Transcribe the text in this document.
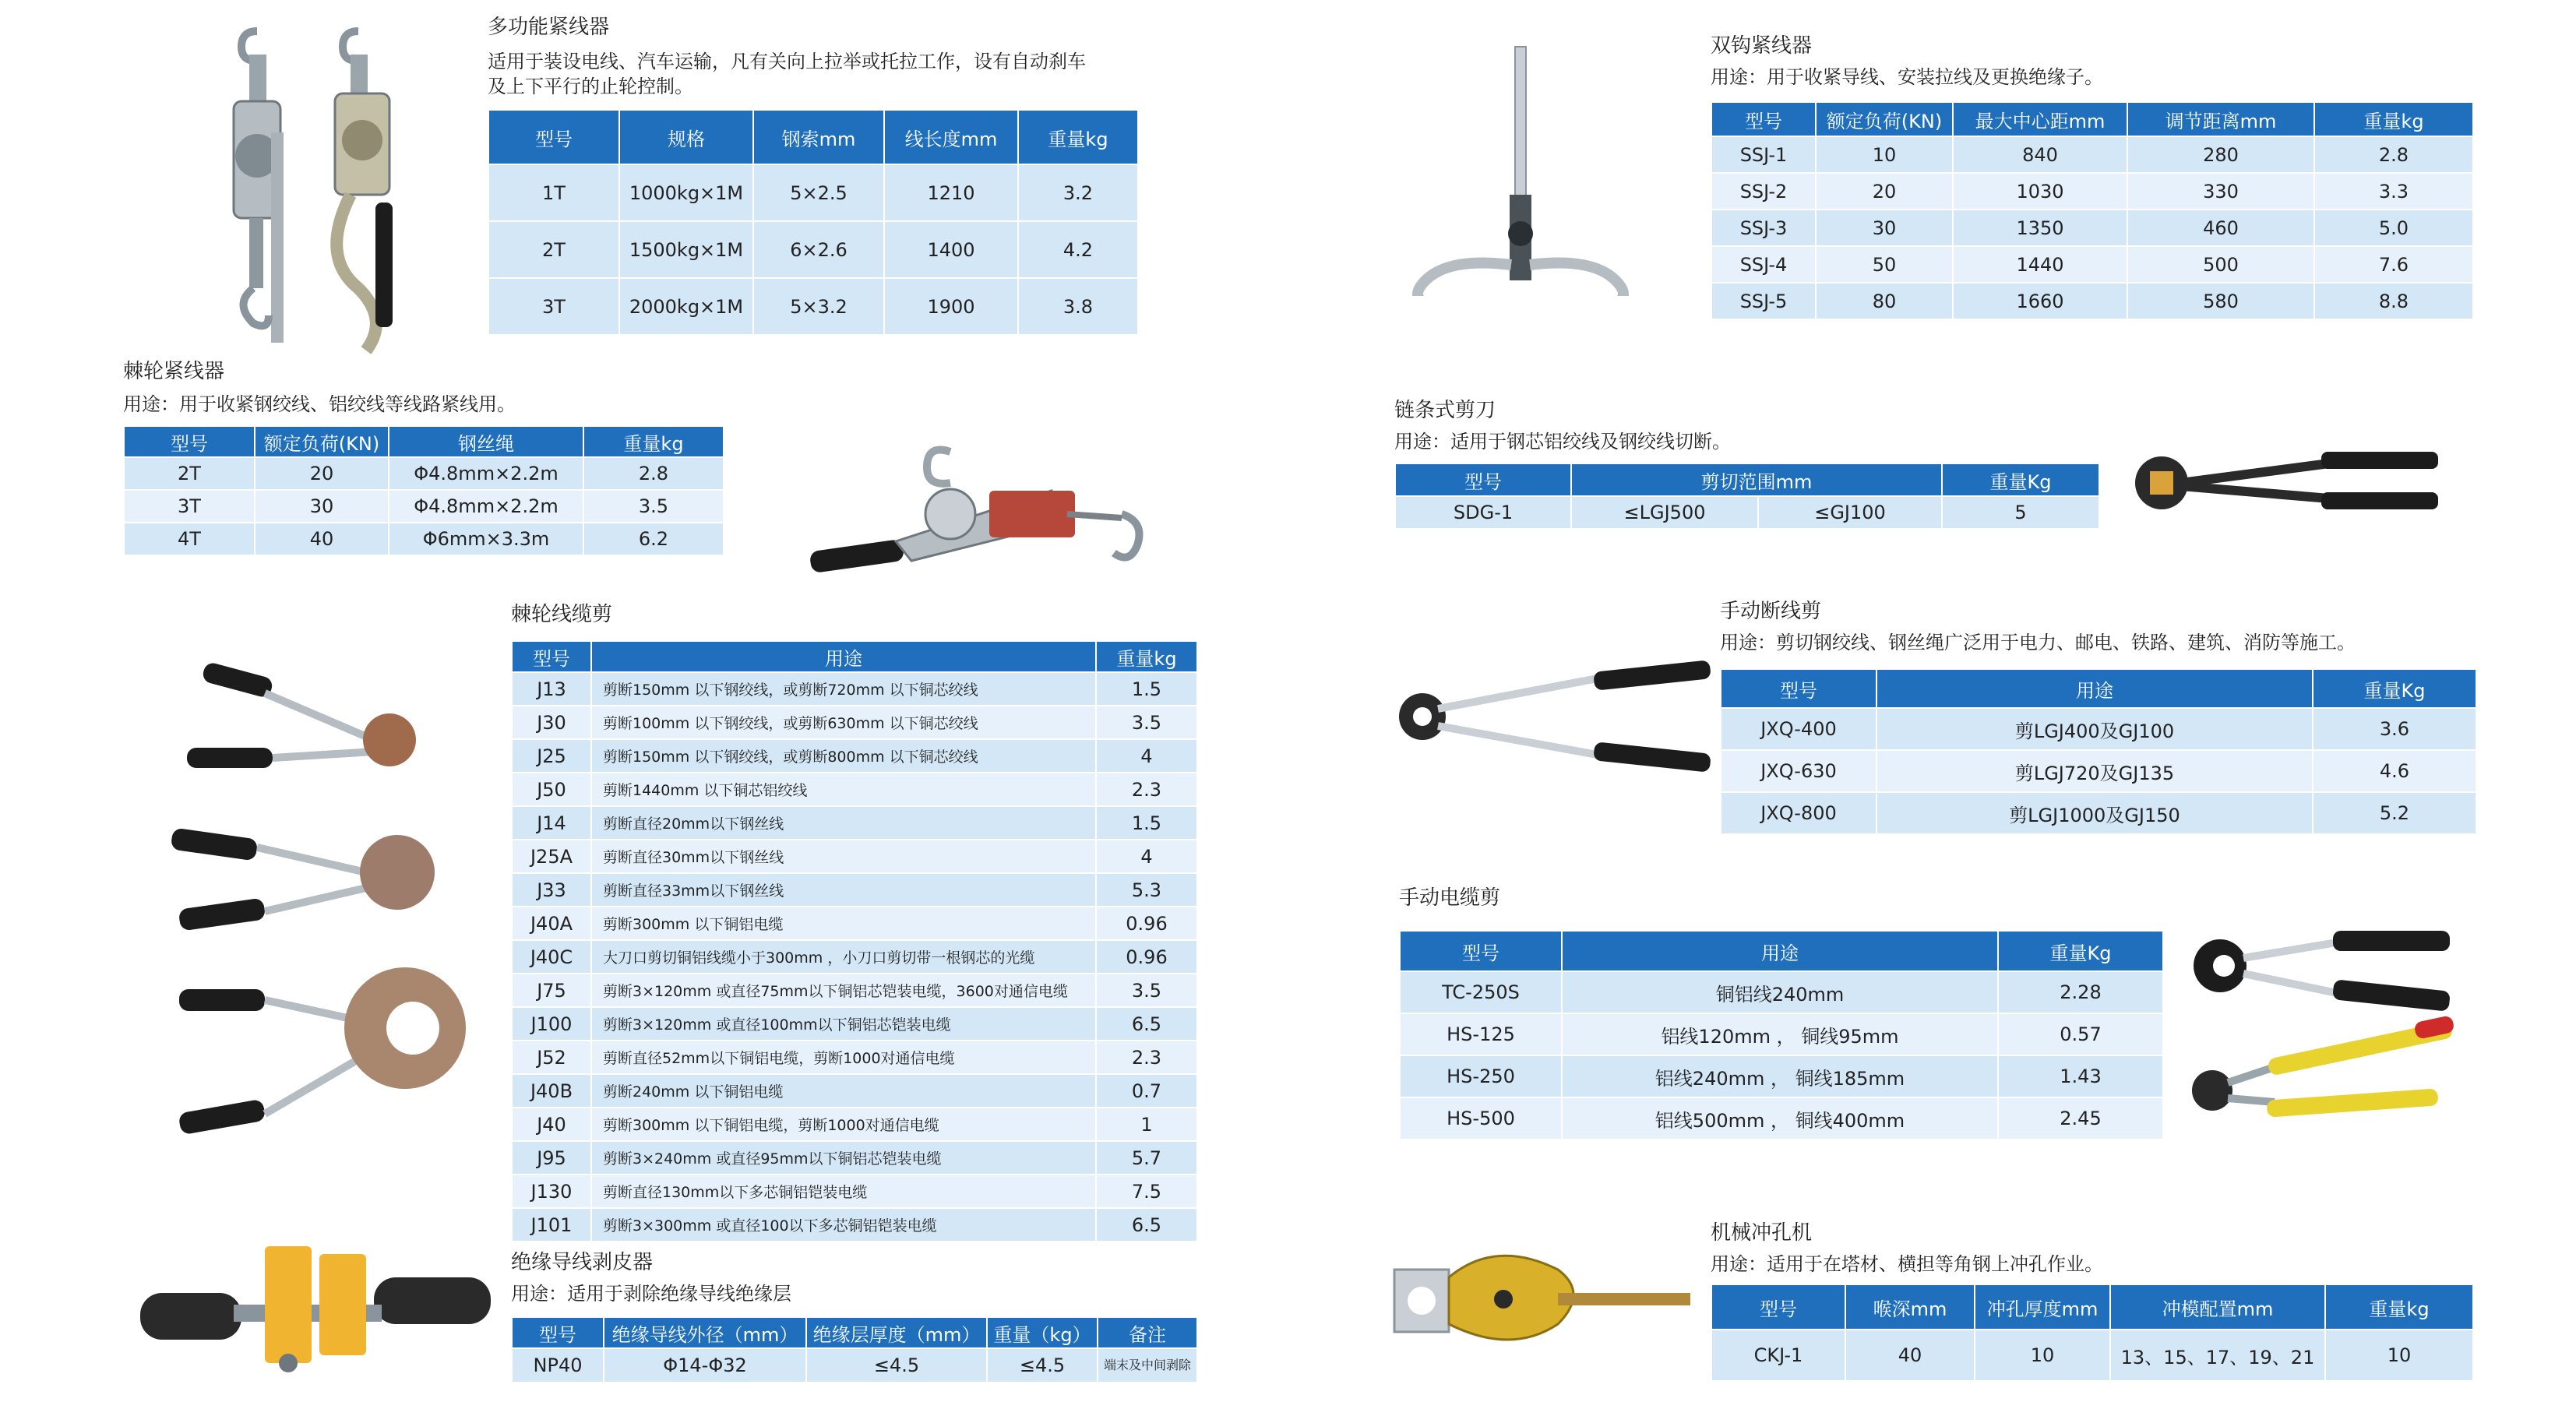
多功能紧线器
适用于装设电线、汽车运输，凡有关向上拉举或托拉工作，设有自动刹车
及上下平行的止轮控制。
型号	规格	钢索mm	线长度mm	重量kg
1T	1000kg×1M	5×2.5	1210	3.2
2T	1500kg×1M	6×2.6	1400	4.2
3T	2000kg×1M	5×3.2	1900	3.8
棘轮紧线器
用途：用于收紧钢绞线、铝绞线等线路紧线用。
型号	额定负荷(KN)	钢丝绳	重量kg
2T	20	Φ4.8mm×2.2m	2.8
3T	30	Φ4.8mm×2.2m	3.5
4T	40	Φ6mm×3.3m	6.2
棘轮线缆剪
型号	用途	重量kg
J13	剪断150mm 以下钢绞线，或剪断720mm 以下铜芯绞线	1.5
J30	剪断100mm 以下钢绞线，或剪断630mm 以下铜芯绞线	3.5
J25	剪断150mm 以下钢绞线，或剪断800mm 以下铜芯绞线	4
J50	剪断1440mm 以下铜芯铝绞线	2.3
J14	剪断直径20mm以下钢丝线	1.5
J25A	剪断直径30mm以下钢丝线	4
J33	剪断直径33mm以下钢丝线	5.3
J40A	剪断300mm 以下铜铝电缆	0.96
J40C	大刀口剪切铜铝线缆小于300mm ，小刀口剪切带一根钢芯的光缆	0.96
J75	剪断3×120mm 或直径75mm以下铜铝芯铠装电缆，3600对通信电缆	3.5
J100	剪断3×120mm 或直径100mm以下铜铝芯铠装电缆	6.5
J52	剪断直径52mm以下铜铝电缆，剪断1000对通信电缆	2.3
J40B	剪断240mm 以下铜铝电缆	0.7
J40	剪断300mm 以下铜铝电缆，剪断1000对通信电缆	1
J95	剪断3×240mm 或直径95mm以下铜铝芯铠装电缆	5.7
J130	剪断直径130mm以下多芯铜铝铠装电缆	7.5
J101	剪断3×300mm 或直径100以下多芯铜铝铠装电缆	6.5
绝缘导线剥皮器
用途：适用于剥除绝缘导线绝缘层
型号	绝缘导线外径（mm）	绝缘层厚度（mm）	重量（kg）	备注
NP40	Φ14-Φ32	≤4.5	≤4.5	端末及中间剥除
双钩紧线器
用途：用于收紧导线、安装拉线及更换绝缘子。
型号	额定负荷(KN)	最大中心距mm	调节距离mm	重量kg
SSJ-1	10	840	280	2.8
SSJ-2	20	1030	330	3.3
SSJ-3	30	1350	460	5.0
SSJ-4	50	1440	500	7.6
SSJ-5	80	1660	580	8.8
链条式剪刀
用途：适用于钢芯铝绞线及钢绞线切断。
型号	剪切范围mm		重量Kg
SDG-1	≤LGJ500	≤GJ100	5
手动断线剪
用途：剪切钢绞线、钢丝绳广泛用于电力、邮电、铁路、建筑、消防等施工。
型号	用途	重量Kg
JXQ-400	剪LGJ400及GJ100	3.6
JXQ-630	剪LGJ720及GJ135	4.6
JXQ-800	剪LGJ1000及GJ150	5.2
手动电缆剪
型号	用途	重量Kg
TC-250S	铜铝线240mm	2.28
HS-125	铝线120mm ， 铜线95mm	0.57
HS-250	铝线240mm ， 铜线185mm	1.43
HS-500	铝线500mm ， 铜线400mm	2.45
机械冲孔机
用途：适用于在塔材、横担等角钢上冲孔作业。
型号	喉深mm	冲孔厚度mm	冲模配置mm	重量kg
CKJ-1	40	10	13、15、17、19、21	10
